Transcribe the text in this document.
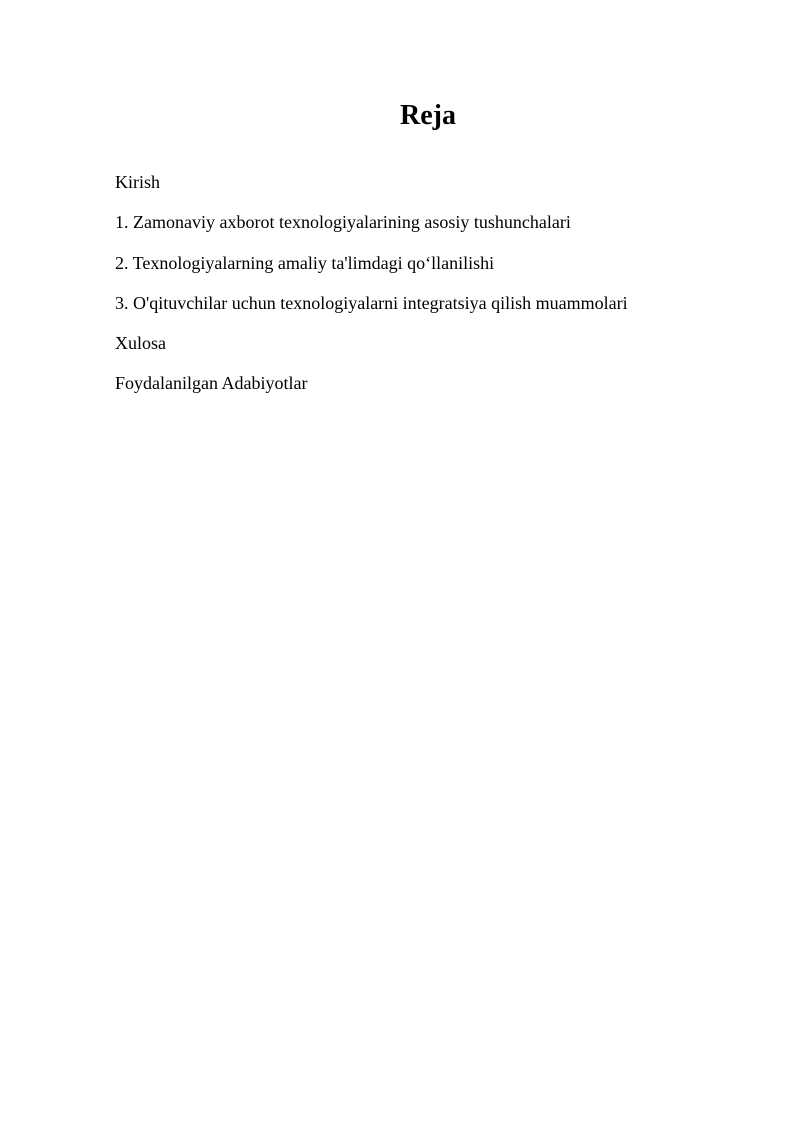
Reja
Kirish
1. Zamonaviy axborot texnologiyalarining asosiy tushunchalari
2. Texnologiyalarning amaliy ta'limdagi qo‘llanilishi
3. O'qituvchilar uchun texnologiyalarni integratsiya qilish muammolari
Xulosa
Foydalanilgan Adabiyotlar
